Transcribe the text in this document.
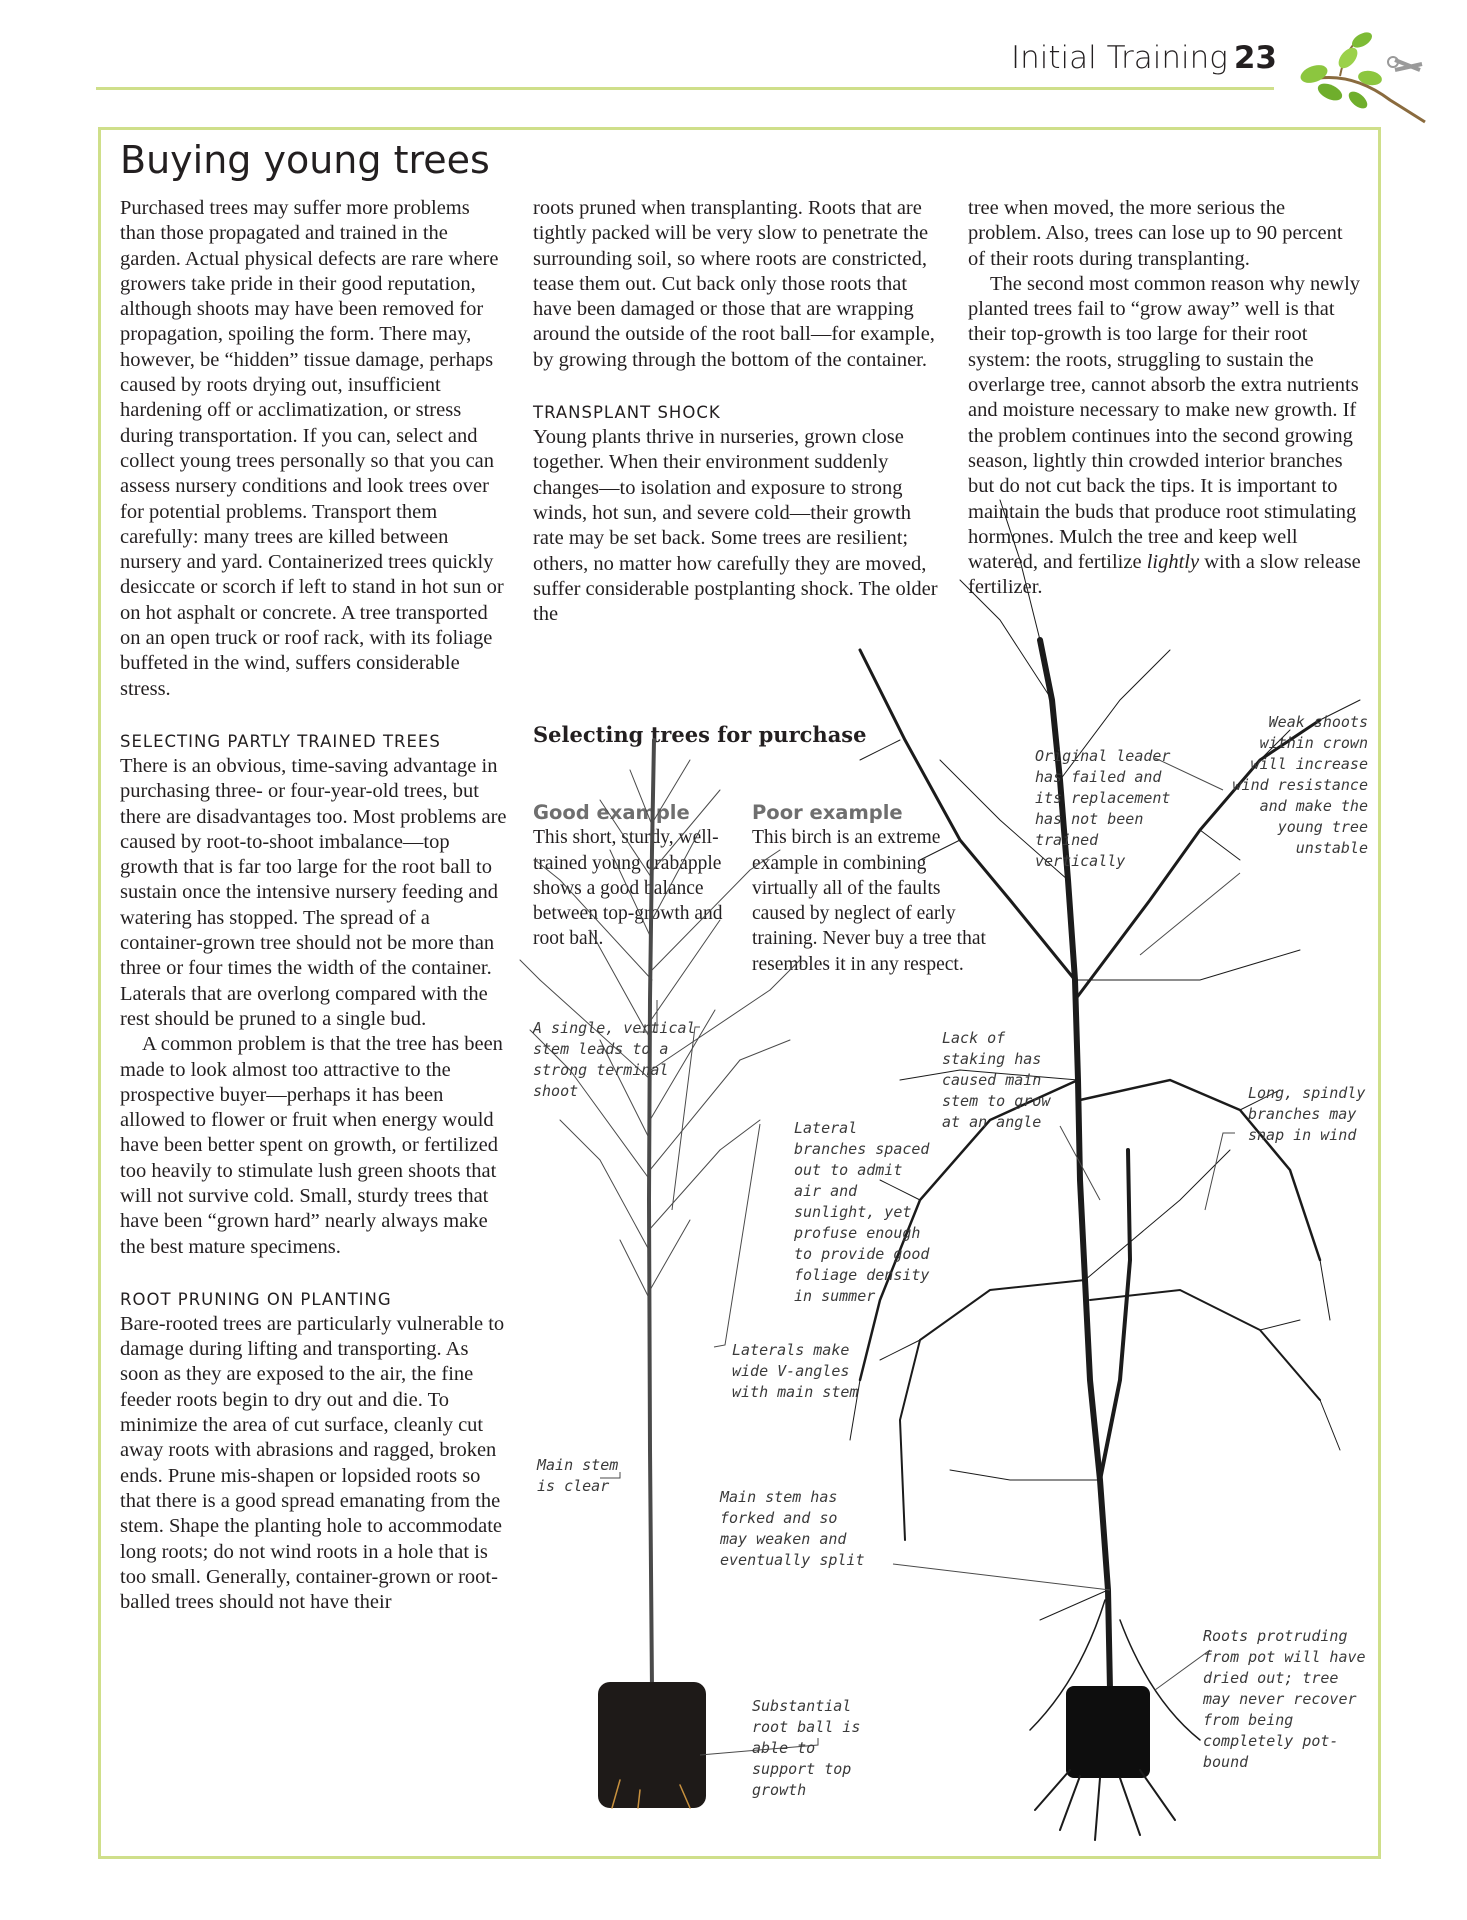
Initial Training 23
Buying young trees

Purchased trees may suffer more problems than those propagated and trained in the garden. Actual physical defects are rare where growers take pride in their good reputation, although shoots may have been removed for propagation, spoiling the form. There may, however, be “hidden” tissue damage, perhaps caused by roots drying out, insufficient hardening off or acclimatization, or stress during transportation. If you can, select and collect young trees personally so that you can assess nursery conditions and look trees over for potential problems. Transport them carefully: many trees are killed between nursery and yard. Containerized trees quickly desiccate or scorch if left to stand in hot sun or on hot asphalt or concrete. A tree transported on an open truck or roof rack, with its foliage buffeted in the wind, suffers considerable stress.

SELECTING PARTLY TRAINED TREES

There is an obvious, time-saving advantage in purchasing three- or four-year-old trees, but there are disadvantages too. Most problems are caused by root-to-shoot imbalance—top growth that is far too large for the root ball to sustain once the intensive nursery feeding and watering has stopped. The spread of a container-grown tree should not be more than three or four times the width of the container. Laterals that are overlong compared with the rest should be pruned to a single bud.

A common problem is that the tree has been made to look almost too attractive to the prospective buyer—perhaps it has been allowed to flower or fruit when energy would have been better spent on growth, or fertilized too heavily to stimulate lush green shoots that will not survive cold. Small, sturdy trees that have been “grown hard” nearly always make the best mature specimens.

ROOT PRUNING ON PLANTING

Bare-rooted trees are particularly vulnerable to damage during lifting and transporting. As soon as they are exposed to the air, the fine feeder roots begin to dry out and die. To minimize the area of cut surface, cleanly cut away roots with abrasions and ragged, broken ends. Prune mis-shapen or lopsided roots so that there is a good spread emanating from the stem. Shape the planting hole to accommodate long roots; do not wind roots in a hole that is too small. Generally, container-grown or root-balled trees should not have their

roots pruned when transplanting. Roots that are tightly packed will be very slow to penetrate the surrounding soil, so where roots are constricted, tease them out. Cut back only those roots that have been damaged or those that are wrapping around the outside of the root ball—for example, by growing through the bottom of the container.

TRANSPLANT SHOCK

Young plants thrive in nurseries, grown close together. When their environment suddenly changes—to isolation and exposure to strong winds, hot sun, and severe cold—their growth rate may be set back. Some trees are resilient; others, no matter how carefully they are moved, suffer considerable postplanting shock. The older the

tree when moved, the more serious the problem. Also, trees can lose up to 90 percent of their roots during transplanting.

The second most common reason why newly planted trees fail to “grow away” well is that their top-growth is too large for their root system: the roots, struggling to sustain the overlarge tree, cannot absorb the extra nutrients and moisture necessary to make new growth. If the problem continues into the second growing season, lightly thin crowded interior branches but do not cut back the tips. It is important to maintain the buds that produce root stimulating hormones. Mulch the tree and keep well watered, and fertilize lightly with a slow release fertilizer.

Selecting trees for purchase
Good example
This short, sturdy, well-trained young crabapple shows a good balance between top-growth and root ball.
Poor example
This birch is an extreme example in combining virtually all of the faults caused by neglect of early training. Never buy a tree that resembles it in any respect.
A single, vertical stem leads to a strong terminal shoot
Lateral branches spaced out to admit air and sunlight, yet profuse enough to provide good foliage density in summer
Laterals make wide V-angles with main stem
Main stem is clear
Substantial root ball is able to support top growth
Main stem has forked and so may weaken and eventually split
Original leader has failed and its replacement has not been trained vertically
Weak shoots within crown will increase wind resistance and make the young tree unstable
Lack of staking has caused main stem to grow at an angle
Long, spindly branches may snap in wind
Roots protruding from pot will have dried out; tree may never recover from being completely pot-bound
